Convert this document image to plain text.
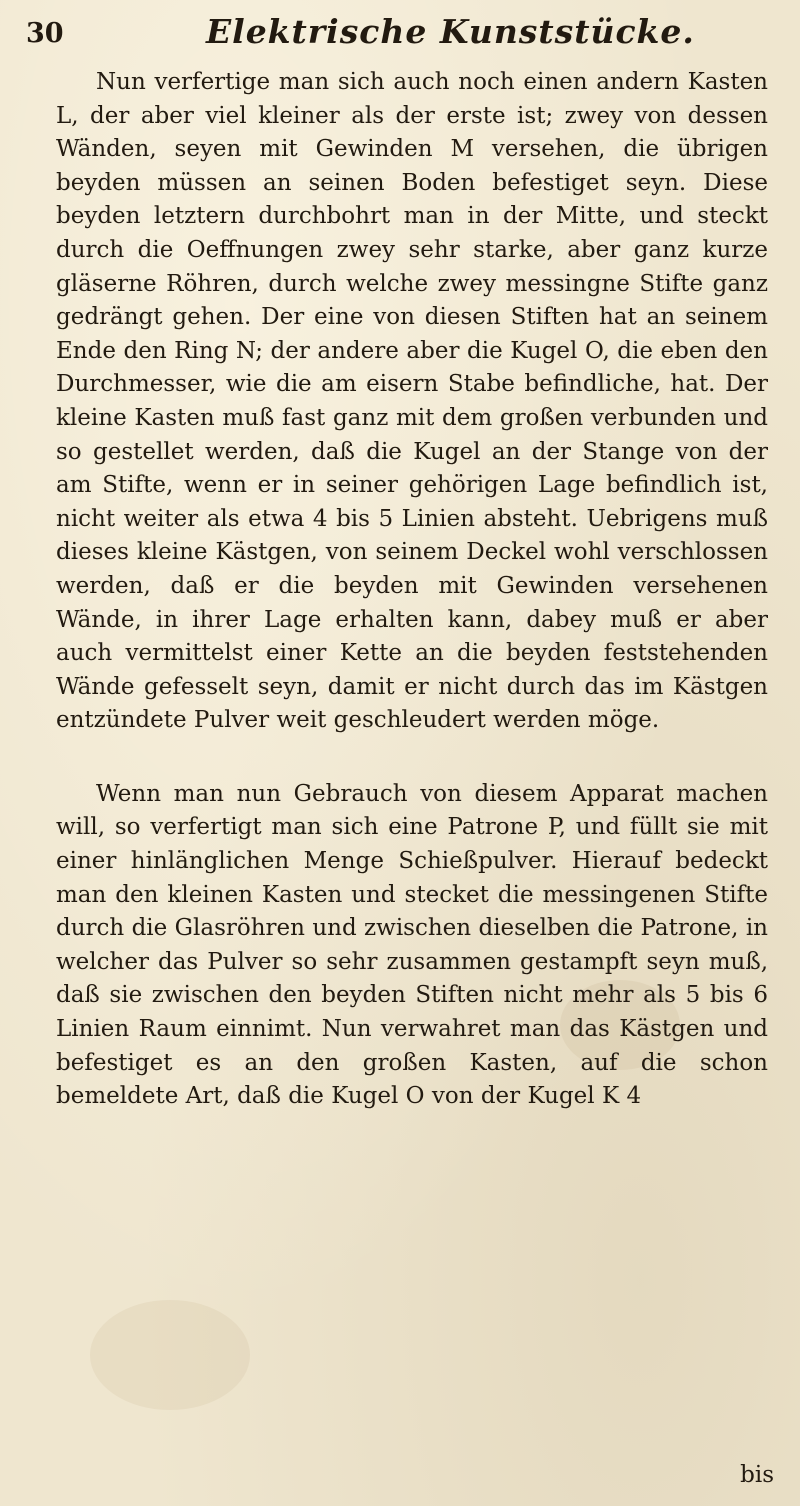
30	Elektrische Kunststücke.

Nun verfertige man sich auch noch einen andern Kasten L, der aber viel kleiner als der erste ist; zwey von dessen Wänden, seyen mit Gewinden M versehen, die übrigen beyden müssen an seinen Boden befestiget seyn. Diese beyden letztern durchbohrt man in der Mitte, und steckt durch die Oeffnungen zwey sehr starke, aber ganz kurze gläserne Röhren, durch welche zwey messingne Stifte ganz gedrängt gehen. Der eine von diesen Stiften hat an seinem Ende den Ring N; der andere aber die Kugel O, die eben den Durchmesser, wie die am eisern Stabe befindliche, hat. Der kleine Kasten muß fast ganz mit dem großen verbunden und so gestellet werden, daß die Kugel an der Stange von der am Stifte, wenn er in seiner gehörigen Lage befindlich ist, nicht weiter als etwa 4 bis 5 Linien absteht. Uebrigens muß dieses kleine Kästgen, von seinem Deckel wohl verschlossen werden, daß er die beyden mit Gewinden versehenen Wände, in ihrer Lage erhalten kann, dabey muß er aber auch vermittelst einer Kette an die beyden feststehenden Wände gefesselt seyn, damit er nicht durch das im Kästgen entzündete Pulver weit geschleudert werden möge.

Wenn man nun Gebrauch von diesem Apparat machen will, so verfertigt man sich eine Patrone P, und füllt sie mit einer hinlänglichen Menge Schießpulver. Hierauf bedeckt man den kleinen Kasten und stecket die messingenen Stifte durch die Glasröhren und zwischen dieselben die Patrone, in welcher das Pulver so sehr zusammen gestampft seyn muß, daß sie zwischen den beyden Stiften nicht mehr als 5 bis 6 Linien Raum einnimt. Nun verwahret man das Kästgen und befestiget es an den großen Kasten, auf die schon bemeldete Art, daß die Kugel O von der Kugel K 4

bis
